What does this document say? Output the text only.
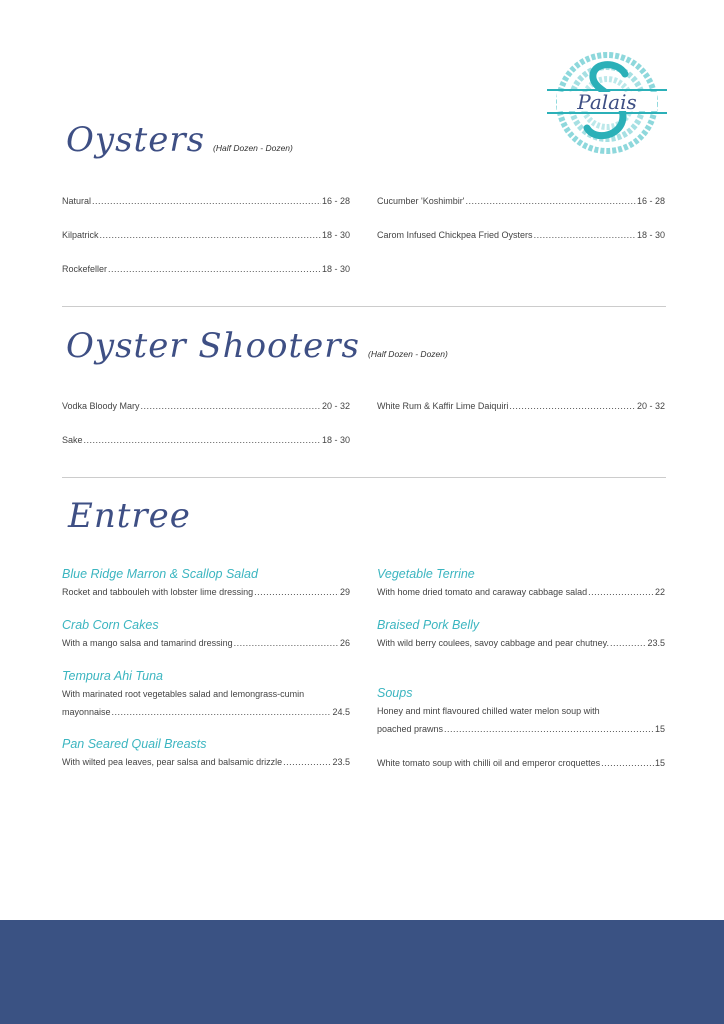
Palais
Oysters (Half Dozen - Dozen)
Natural .....	16 - 28
Kilpatrick .....	18 - 30
Rockefeller .....	18 - 30
Cucumber 'Koshimbir' .....	16 - 28
Carom Infused Chickpea Fried Oysters .....	18 - 30
Oyster Shooters (Half Dozen - Dozen)
Vodka Bloody Mary .....	20 - 32
Sake .....	18 - 30
White Rum & Kaffir Lime Daiquiri .....	20 - 32
Entree
Blue Ridge Marron & Scallop Salad
Rocket and tabbouleh with lobster lime dressing .....	29
Crab Corn Cakes
With a mango salsa and tamarind dressing .....	26
Tempura Ahi Tuna
With marinated root vegetables salad and lemongrass-cumin
mayonnaise .....	24.5
Pan Seared Quail Breasts
With wilted pea leaves, pear salsa and balsamic drizzle .....	23.5
Vegetable Terrine
With home dried tomato and caraway cabbage salad .....	22
Braised Pork Belly
With wild berry coulees, savoy cabbage and pear chutney. .....	23.5
Soups
Honey and mint flavoured chilled water melon soup with
poached prawns .....	15
White tomato soup with chilli oil and emperor croquettes .....	15
